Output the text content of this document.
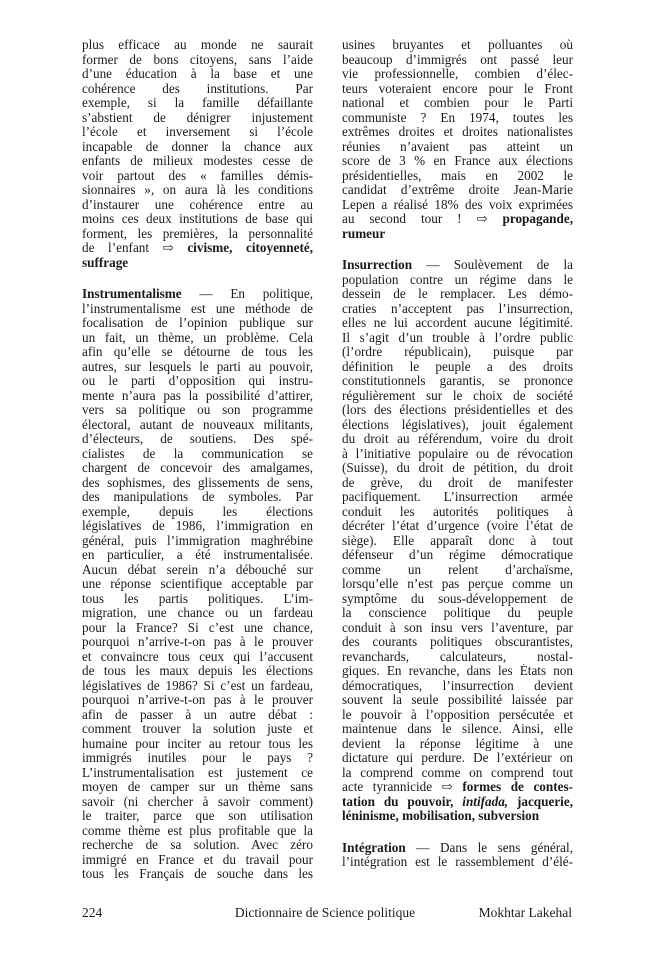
plus efficace au monde ne saurait
former de bons citoyens, sans l’aide
d’une éducation à la base et une
cohérence des institutions. Par
exemple, si la famille défaillante
s’abstient de dénigrer injustement
l’école et inversement si l’école
incapable de donner la chance aux
enfants de milieux modestes cesse de
voir partout des « familles démis-
sionnaires », on aura là les conditions
d’instaurer une cohérence entre au
moins ces deux institutions de base qui
forment, les premières, la personnalité
de l’enfant ⇨ civisme, citoyenneté,
suffrage
Instrumentalisme — En politique,
l’instrumentalisme est une méthode de
focalisation de l’opinion publique sur
un fait, un thème, un problème. Cela
afin qu’elle se détourne de tous les
autres, sur lesquels le parti au pouvoir,
ou le parti d’opposition qui instru-
mente n’aura pas la possibilité d’attirer,
vers sa politique ou son programme
électoral, autant de nouveaux militants,
d’électeurs, de soutiens. Des spé-
cialistes de la communication se
chargent de concevoir des amalgames,
des sophismes, des glissements de sens,
des manipulations de symboles. Par
exemple, depuis les élections
législatives de 1986, l’immigration en
général, puis l’immigration maghrébine
en particulier, a été instrumentalisée.
Aucun débat serein n’a débouché sur
une réponse scientifique acceptable par
tous les partis politiques. L’im-
migration, une chance ou un fardeau
pour la France? Si c’est une chance,
pourquoi n’arrive-t-on pas à le prouver
et convaincre tous ceux qui l’accusent
de tous les maux depuis les élections
législatives de 1986? Si c’est un fardeau,
pourquoi n’arrive-t-on pas à le prouver
afin de passer à un autre débat :
comment trouver la solution juste et
humaine pour inciter au retour tous les
immigrés inutiles pour le pays ?
L’instrumentalisation est justement ce
moyen de camper sur un thème sans
savoir (ni chercher à savoir comment)
le traiter, parce que son utilisation
comme thème est plus profitable que la
recherche de sa solution. Avec zéro
immigré en France et du travail pour
tous les Français de souche dans les
usines bruyantes et polluantes où
beaucoup d’immigrés ont passé leur
vie professionnelle, combien d’élec-
teurs voteraient encore pour le Front
national et combien pour le Parti
communiste ? En 1974, toutes les
extrêmes droites et droites nationalistes
réunies n’avaient pas atteint un
score de 3 % en France aux élections
présidentielles, mais en 2002 le
candidat d’extrême droite Jean-Marie
Lepen a réalisé 18% des voix exprimées
au second tour ! ⇨ propagande,
rumeur
Insurrection — Soulèvement de la
population contre un régime dans le
dessein de le remplacer. Les démo-
craties n’acceptent pas l’insurrection,
elles ne lui accordent aucune légitimité.
Il s’agit d’un trouble à l’ordre public
(l’ordre républicain), puisque par
définition le peuple a des droits
constitutionnels garantis, se prononce
régulièrement sur le choix de société
(lors des élections présidentielles et des
élections législatives), jouit également
du droit au référendum, voire du droit
à l’initiative populaire ou de révocation
(Suisse), du droit de pétition, du droit
de grève, du droit de manifester
pacifiquement. L’insurrection armée
conduit les autorités politiques à
décréter l’état d’urgence (voire l’état de
siège). Elle apparaît donc à tout
défenseur d’un régime démocratique
comme un relent d’archaïsme,
lorsqu’elle n’est pas perçue comme un
symptôme du sous-développement de
la conscience politique du peuple
conduit à son insu vers l’aventure, par
des courants politiques obscurantistes,
revanchards, calculateurs, nostal-
giques. En revanche, dans les États non
démocratiques, l’insurrection devient
souvent la seule possibilité laissée par
le pouvoir à l’opposition persécutée et
maintenue dans le silence. Ainsi, elle
devient la réponse légitime à une
dictature qui perdure. De l’extérieur on
la comprend comme on comprend tout
acte tyrannicide ⇨ formes de contes-
tation du pouvoir, intifada, jacquerie,
léninisme, mobilisation, subversion
Intégration — Dans le sens général,
l’intégration est le rassemblement d’élé-
224	Dictionnaire de Science politique	Mokhtar Lakehal
